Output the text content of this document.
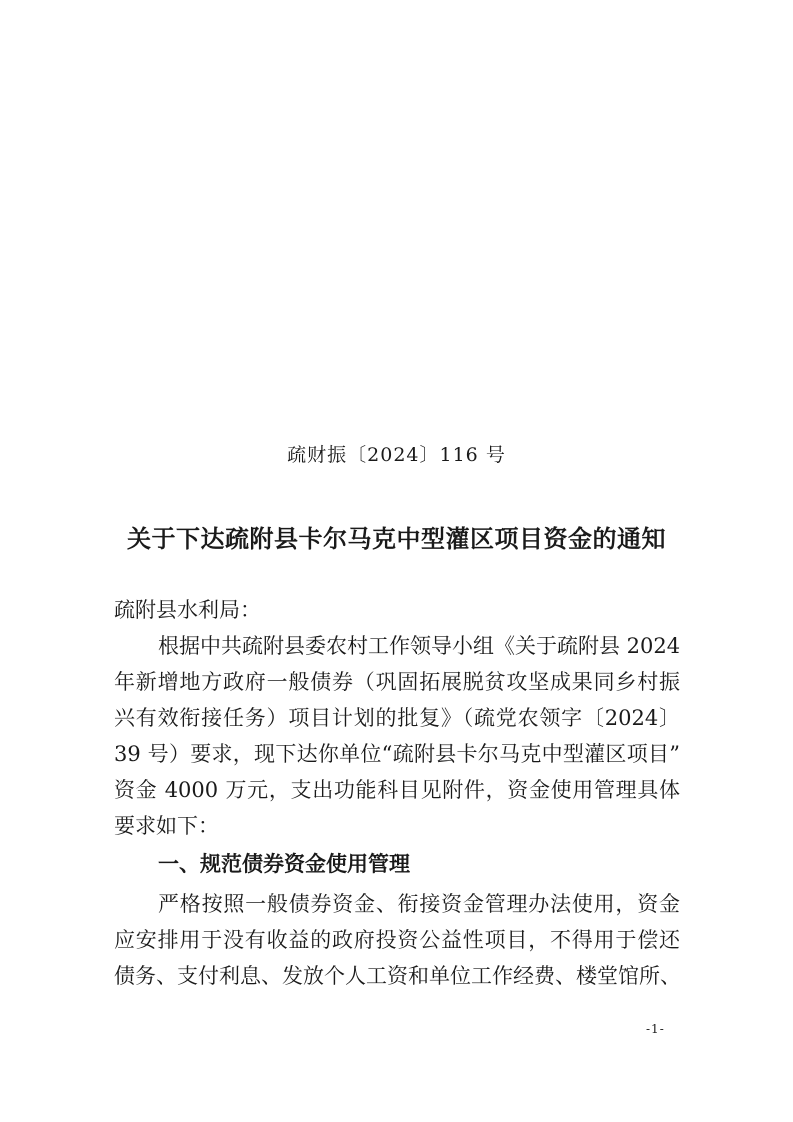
疏财振〔2024〕116 号
关于下达疏附县卡尔马克中型灌区项目资金的通知
疏附县水利局：
根据中共疏附县委农村工作领导小组《关于疏附县 2024
年新增地方政府一般债券（巩固拓展脱贫攻坚成果同乡村振
兴有效衔接任务）项目计划的批复》（疏党农领字〔2024〕
39 号）要求，现下达你单位“疏附县卡尔马克中型灌区项目”
资金 4000 万元，支出功能科目见附件，资金使用管理具体
要求如下：
一、规范债券资金使用管理
严格按照一般债券资金、衔接资金管理办法使用，资金
应安排用于没有收益的政府投资公益性项目，不得用于偿还
债务、支付利息、发放个人工资和单位工作经费、楼堂馆所、
-1-
